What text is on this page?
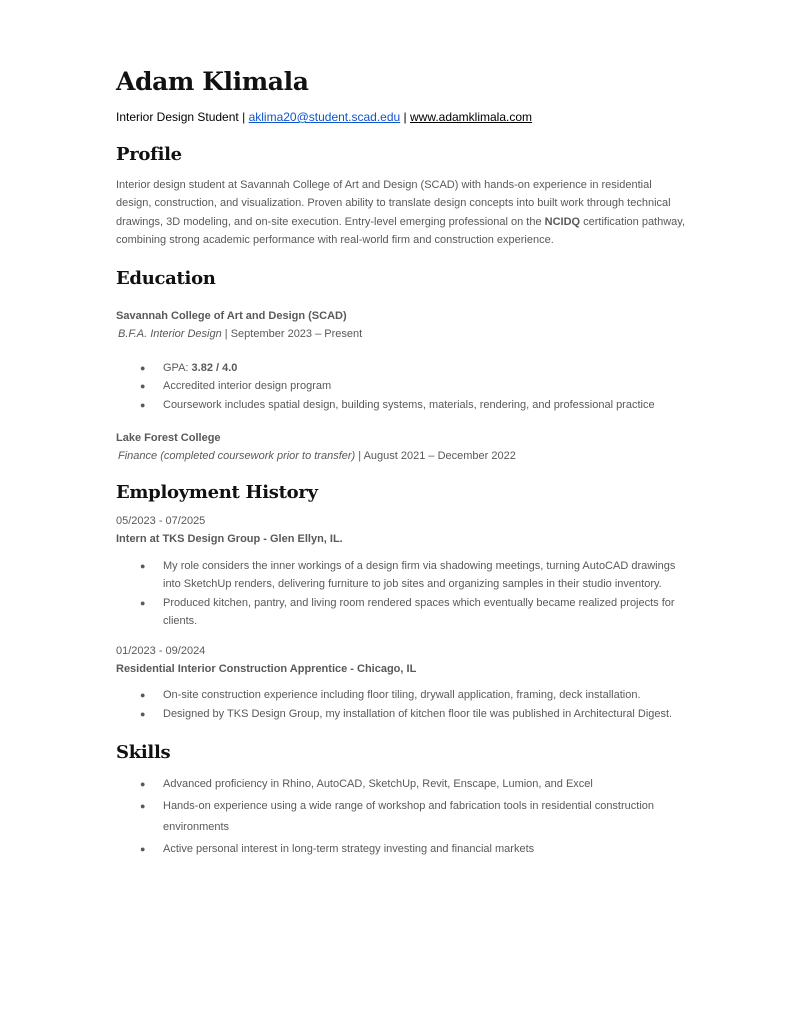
Adam Klimala
Interior Design Student | aklima20@student.scad.edu | www.adamklimala.com
Profile

Interior design student at Savannah College of Art and Design (SCAD) with hands-on experience in residential design, construction, and visualization. Proven ability to translate design concepts into built work through technical drawings, 3D modeling, and on-site execution. Entry-level emerging professional on the NCIDQ certification pathway, combining strong academic performance with real-world firm and construction experience.

Education
Savannah College of Art and Design (SCAD)
B.F.A. Interior Design | September 2023 – Present
● GPA: 3.82 / 4.0
● Accredited interior design program
● Coursework includes spatial design, building systems, materials, rendering, and professional practice
Lake Forest College
Finance (completed coursework prior to transfer) | August 2021 – December 2022
Employment History
05/2023 - 07/2025
Intern at TKS Design Group - Glen Ellyn, IL.
● My role considers the inner workings of a design firm via shadowing meetings, turning AutoCAD drawings into SketchUp renders, delivering furniture to job sites and organizing samples in their studio inventory.
● Produced kitchen, pantry, and living room rendered spaces which eventually became realized projects for clients.
01/2023 - 09/2024
Residential Interior Construction Apprentice - Chicago, IL
● On-site construction experience including floor tiling, drywall application, framing, deck installation.
● Designed by TKS Design Group, my installation of kitchen floor tile was published in Architectural Digest.
Skills
● Advanced proficiency in Rhino, AutoCAD, SketchUp, Revit, Enscape, Lumion, and Excel
● Hands-on experience using a wide range of workshop and fabrication tools in residential construction environments
● Active personal interest in long-term strategy investing and financial markets
